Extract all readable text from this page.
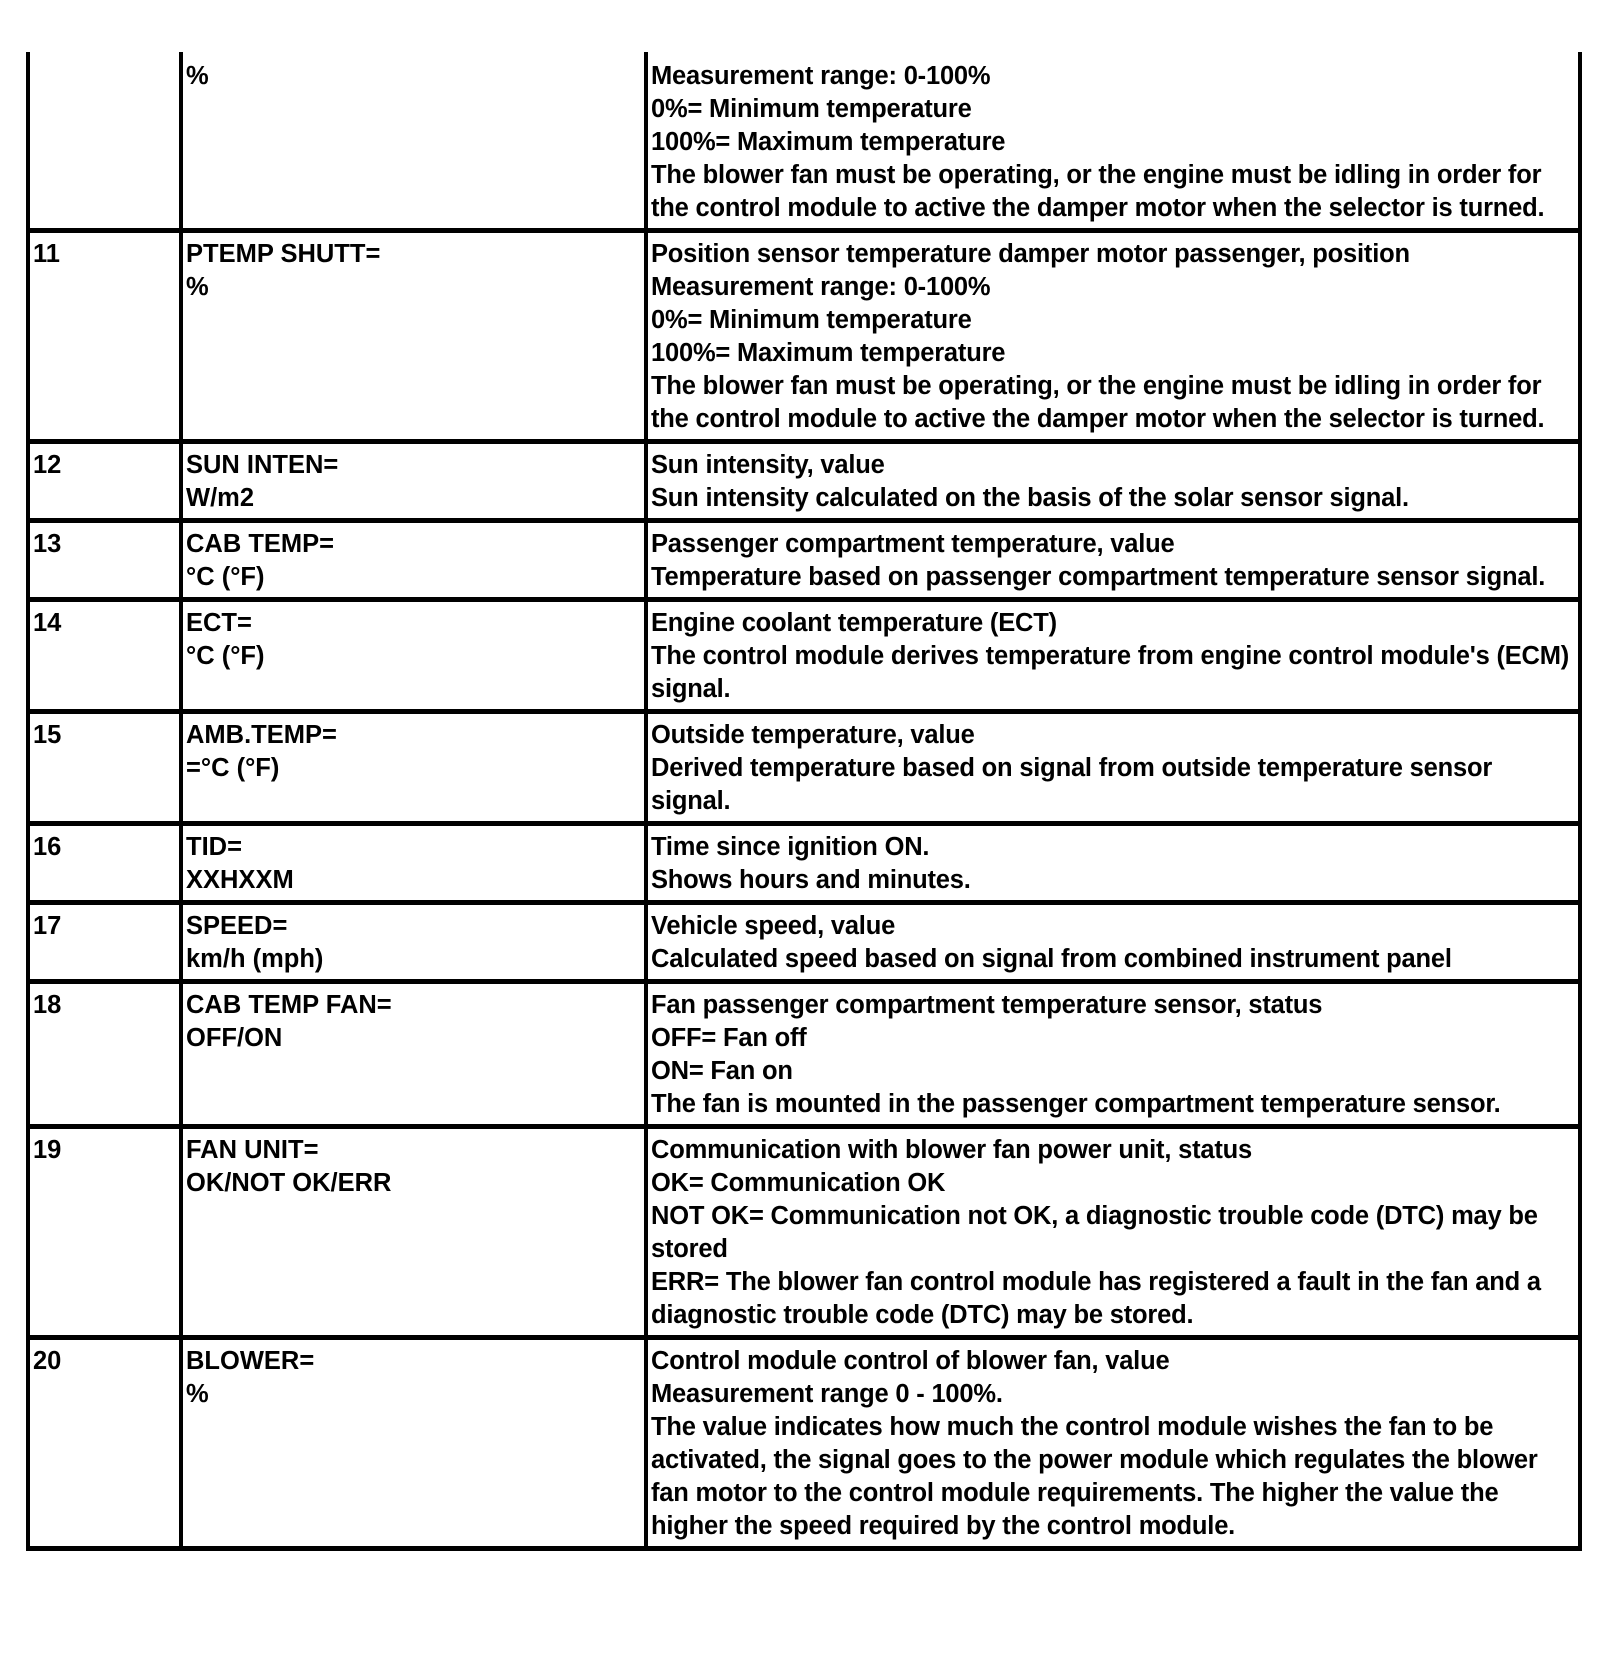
	%	Measurement range: 0-100%
0%= Minimum temperature
100%= Maximum temperature
The blower fan must be operating, or the engine must be idling in order for the control module to active the damper motor when the selector is turned.

11	PTEMP SHUTT=
%	Position sensor temperature damper motor passenger, position
Measurement range: 0-100%
0%= Minimum temperature
100%= Maximum temperature
The blower fan must be operating, or the engine must be idling in order for the control module to active the damper motor when the selector is turned.

12	SUN INTEN=
W/m2	Sun intensity, value
Sun intensity calculated on the basis of the solar sensor signal.

13	CAB TEMP=
°C (°F)	Passenger compartment temperature, value
Temperature based on passenger compartment temperature sensor signal.

14	ECT=
°C (°F)	Engine coolant temperature (ECT)
The control module derives temperature from engine control module's (ECM) signal.

15	AMB.TEMP=
=°C (°F)	Outside temperature, value
Derived temperature based on signal from outside temperature sensor signal.

16	TID=
XXHXXM	Time since ignition ON.
Shows hours and minutes.

17	SPEED=
km/h (mph)	Vehicle speed, value
Calculated speed based on signal from combined instrument panel

18	CAB TEMP FAN=
OFF/ON	Fan passenger compartment temperature sensor, status
OFF= Fan off
ON= Fan on
The fan is mounted in the passenger compartment temperature sensor.

19	FAN UNIT=
OK/NOT OK/ERR	Communication with blower fan power unit, status
OK= Communication OK
NOT OK= Communication not OK, a diagnostic trouble code (DTC) may be stored
ERR= The blower fan control module has registered a fault in the fan and a diagnostic trouble code (DTC) may be stored.

20	BLOWER=
%	Control module control of blower fan, value
Measurement range 0 - 100%.
The value indicates how much the control module wishes the fan to be activated, the signal goes to the power module which regulates the blower fan motor to the control module requirements. The higher the value the higher the speed required by the control module.
